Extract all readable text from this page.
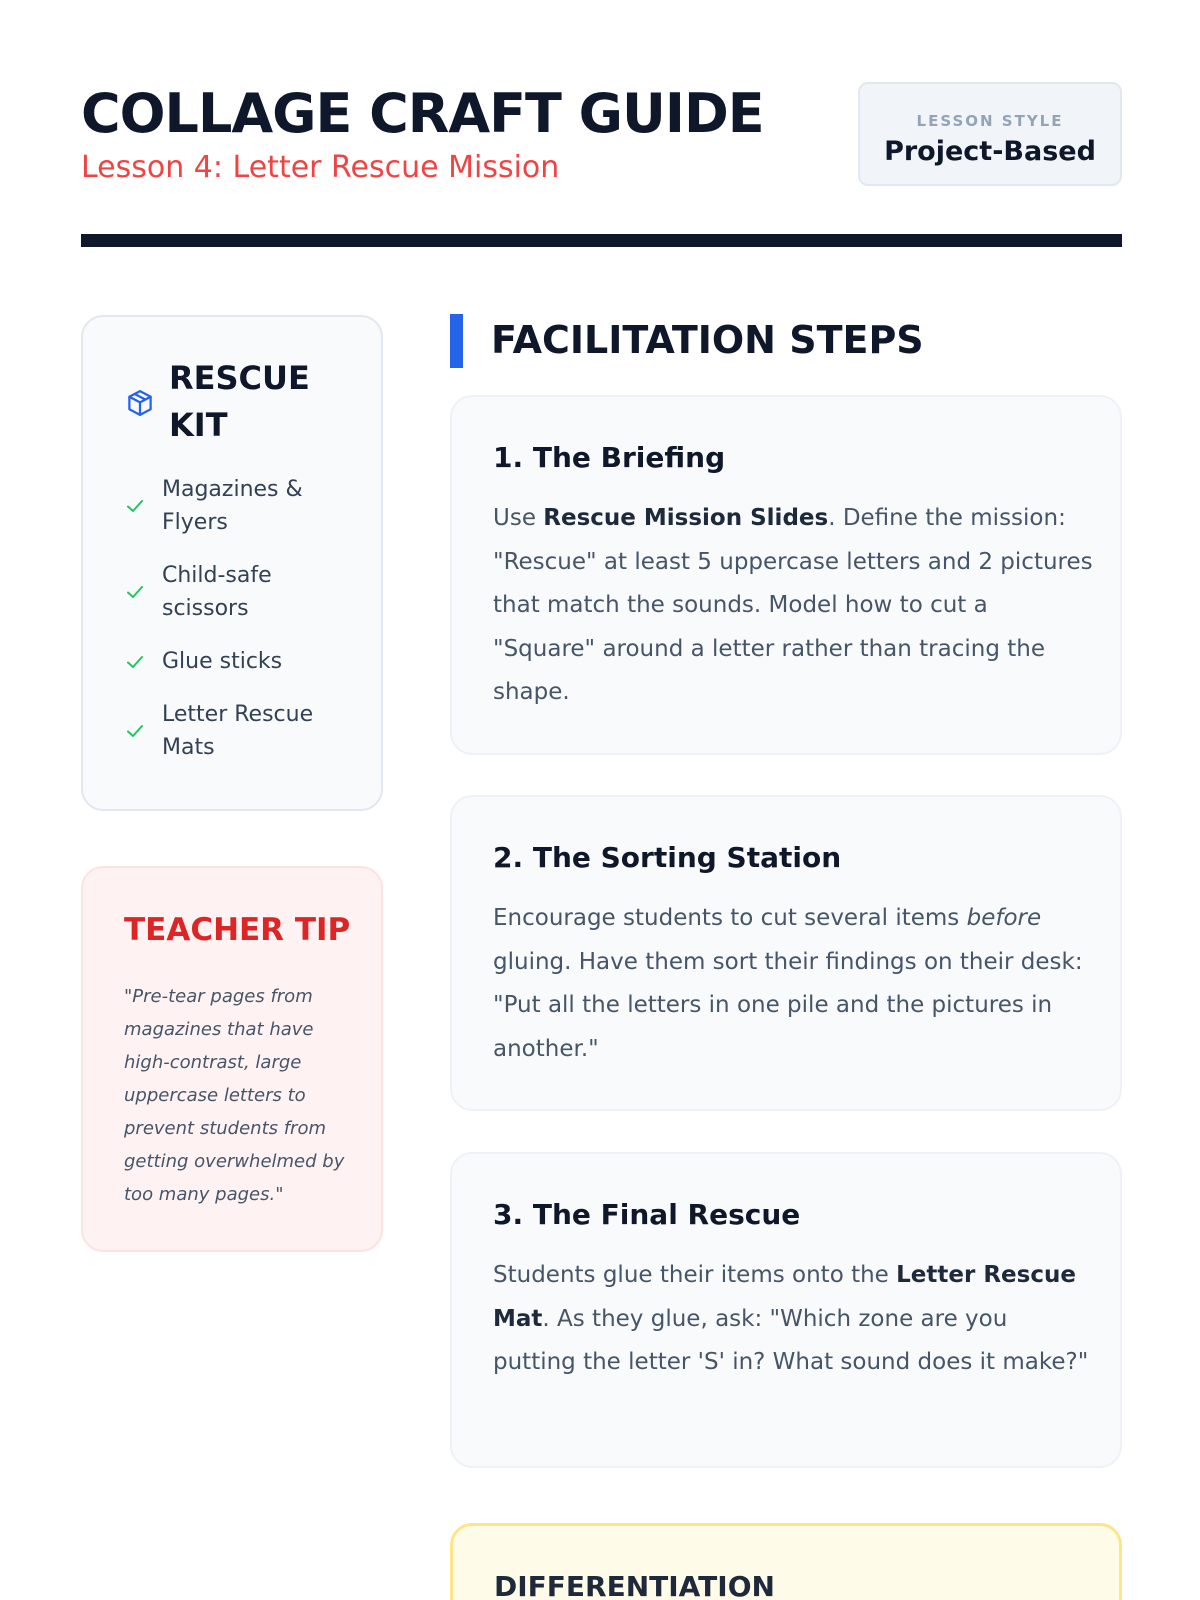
COLLAGE CRAFT GUIDE
Lesson 4: Letter Rescue Mission
LESSON STYLE
Project-Based
RESCUE
KIT
Magazines &
Flyers
Child-safe
scissors
Glue sticks
Letter Rescue
Mats
TEACHER TIP
"Pre-tear pages from magazines that have high-contrast, large uppercase letters to prevent students from getting overwhelmed by too many pages."
FACILITATION STEPS
1. The Briefing

Use Rescue Mission Slides. Define the mission: "Rescue" at least 5 uppercase letters and 2 pictures that match the sounds. Model how to cut a "Square" around a letter rather than tracing the shape.

2. The Sorting Station

Encourage students to cut several items before gluing. Have them sort their findings on their desk: "Put all the letters in one pile and the pictures in another."

3. The Final Rescue

Students glue their items onto the Letter Rescue Mat. As they glue, ask: "Which zone are you putting the letter 'S' in? What sound does it make?"

DIFFERENTIATION
